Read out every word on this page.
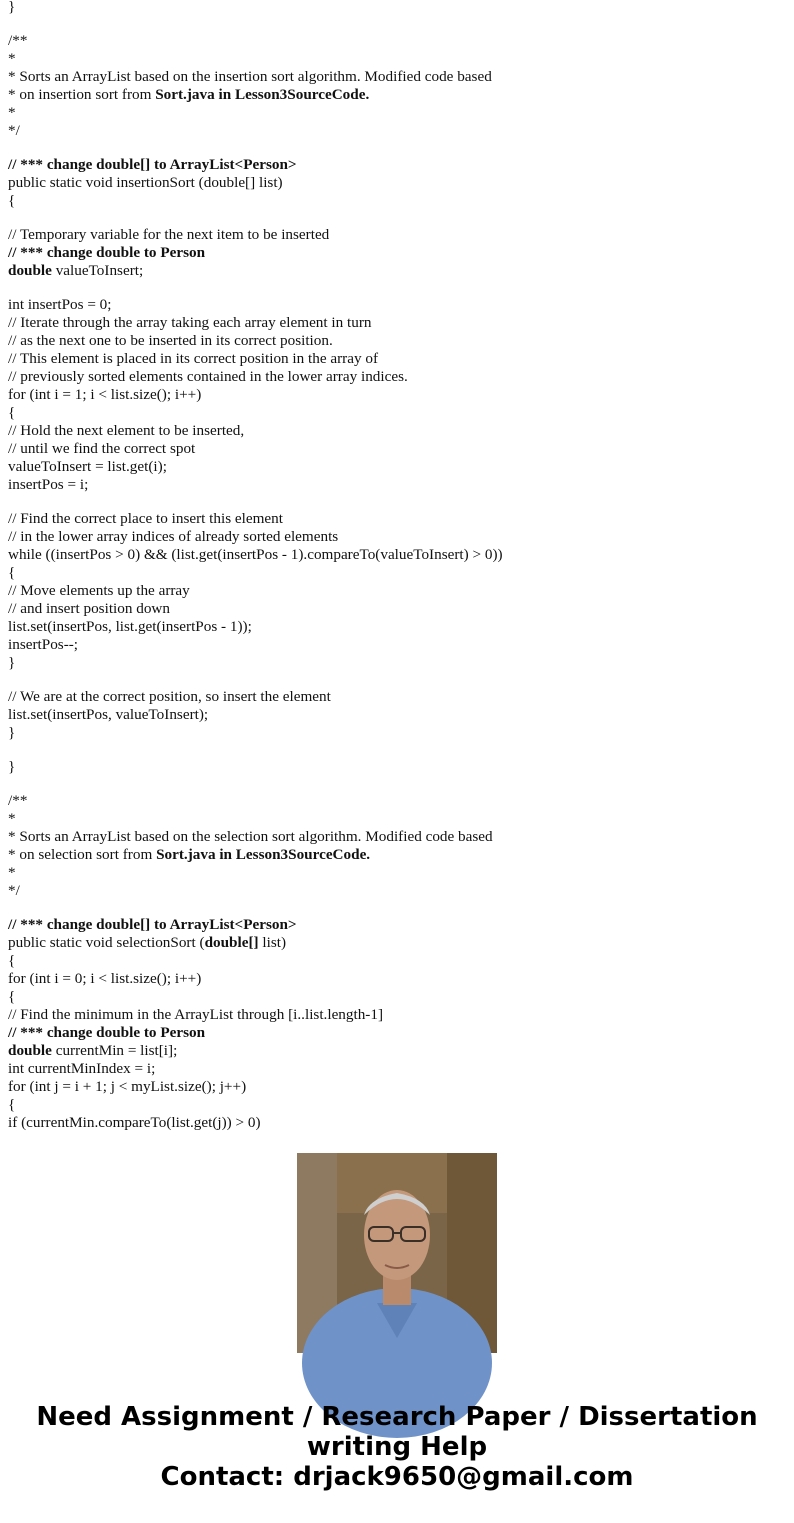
}
/**
*
* Sorts an ArrayList based on the insertion sort algorithm. Modified code based
* on insertion sort from Sort.java in Lesson3SourceCode.
*
*/
// *** change double[] to ArrayList<Person>
public static void insertionSort (double[] list)
{
// Temporary variable for the next item to be inserted
// *** change double to Person
double valueToInsert;
int insertPos = 0;
// Iterate through the array taking each array element in turn
// as the next one to be inserted in its correct position.
// This element is placed in its correct position in the array of
// previously sorted elements contained in the lower array indices.
for (int i = 1; i < list.size(); i++)
{
// Hold the next element to be inserted,
// until we find the correct spot
valueToInsert = list.get(i);
insertPos = i;
// Find the correct place to insert this element
// in the lower array indices of already sorted elements
while ((insertPos > 0) && (list.get(insertPos - 1).compareTo(valueToInsert) > 0))
{
// Move elements up the array
// and insert position down
list.set(insertPos, list.get(insertPos - 1));
insertPos--;
}
// We are at the correct position, so insert the element
list.set(insertPos, valueToInsert);
}
}
/**
*
* Sorts an ArrayList based on the selection sort algorithm. Modified code based
* on selection sort from Sort.java in Lesson3SourceCode.
*
*/
// *** change double[] to ArrayList<Person>
public static void selectionSort (double[] list)
{
for (int i = 0; i < list.size(); i++)
{
// Find the minimum in the ArrayList through [i..list.length-1]
// *** change double to Person
double currentMin = list[i];
int currentMinIndex = i;
for (int j = i + 1; j < myList.size(); j++)
{
if (currentMin.compareTo(list.get(j)) > 0)
Need Assignment / Research Paper / Dissertation
writing Help
Contact: drjack9650@gmail.com
